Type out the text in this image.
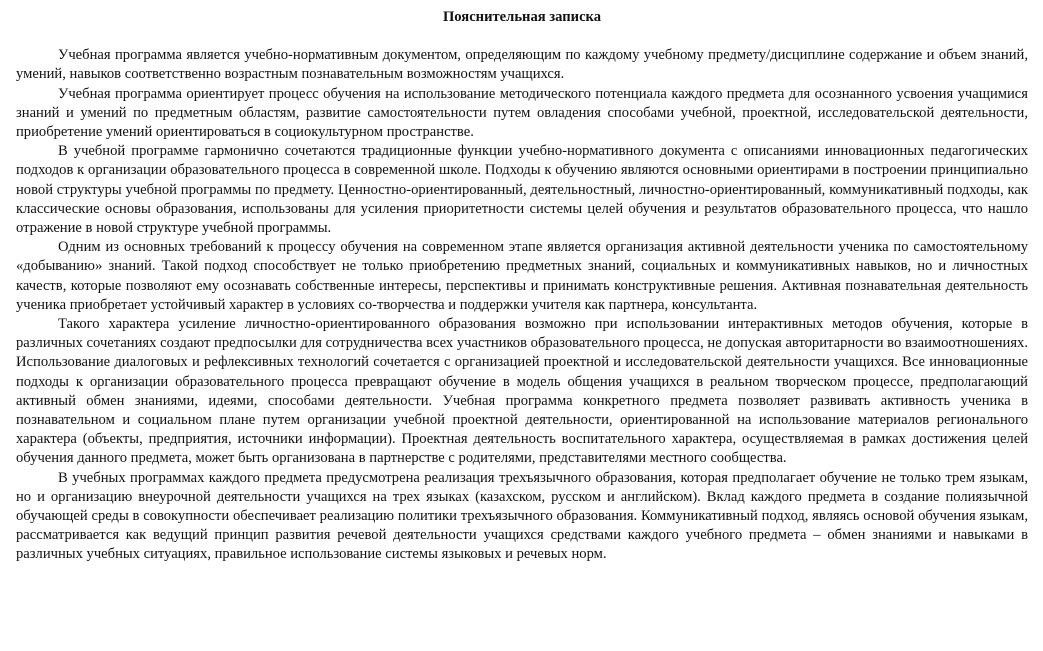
Пояснительная записка

Учебная программа является учебно-нормативным документом, определяющим по каждому учебному предмету/дисциплине содержание и объем знаний, умений, навыков соответственно возрастным познавательным возможностям учащихся.

Учебная программа ориентирует процесс обучения на использование методического потенциала каждого предмета для осознанного усвоения учащимися знаний и умений по предметным областям, развитие самостоятельности путем овладения способами учебной, проектной, исследовательской деятельности, приобретение умений ориентироваться в социокультурном пространстве.

В учебной программе гармонично сочетаются традиционные функции учебно-нормативного документа с описаниями инновационных педагогических подходов к организации образовательного процесса в современной школе. Подходы к обучению являются основными ориентирами в построении принципиально новой структуры учебной программы по предмету. Ценностно-ориентированный, деятельностный, личностно-ориентированный, коммуникативный подходы, как классические основы образования, использованы для усиления приоритетности системы целей обучения и результатов образовательного процесса, что нашло отражение в новой структуре учебной программы.

Одним из основных требований к процессу обучения на современном этапе является организация активной деятельности ученика по самостоятельному «добыванию» знаний. Такой подход способствует не только приобретению предметных знаний, социальных и коммуникативных навыков, но и личностных качеств, которые позволяют ему осознавать собственные интересы, перспективы и принимать конструктивные решения. Активная познавательная деятельность ученика приобретает устойчивый характер в условиях со-творчества и поддержки учителя как партнера, консультанта.

Такого характера усиление личностно-ориентированного образования возможно при использовании интерактивных методов обучения, которые в различных сочетаниях создают предпосылки для сотрудничества всех участников образовательного процесса, не допуская авторитарности во взаимоотношениях. Использование диалоговых и рефлексивных технологий сочетается с организацией проектной и исследовательской деятельности учащихся. Все инновационные подходы к организации образовательного процесса превращают обучение в модель общения учащихся в реальном творческом процессе, предполагающий активный обмен знаниями, идеями, способами деятельности. Учебная программа конкретного предмета позволяет развивать активность ученика в познавательном и социальном плане путем организации учебной проектной деятельности, ориентированной на использование материалов регионального характера (объекты, предприятия, источники информации). Проектная деятельность воспитательного характера, осуществляемая в рамках достижения целей обучения данного предмета, может быть организована в партнерстве с родителями, представителями местного сообщества.

В учебных программах каждого предмета предусмотрена реализация трехъязычного образования, которая предполагает обучение не только трем языкам, но и организацию внеурочной деятельности учащихся на трех языках (казахском, русском и английском). Вклад каждого предмета в создание полиязычной обучающей среды в совокупности обеспечивает реализацию политики трехъязычного образования. Коммуникативный подход, являясь основой обучения языкам, рассматривается как ведущий принцип развития речевой деятельности учащихся средствами каждого учебного предмета – обмен знаниями и навыками в различных учебных ситуациях, правильное использование системы языковых и речевых норм.
